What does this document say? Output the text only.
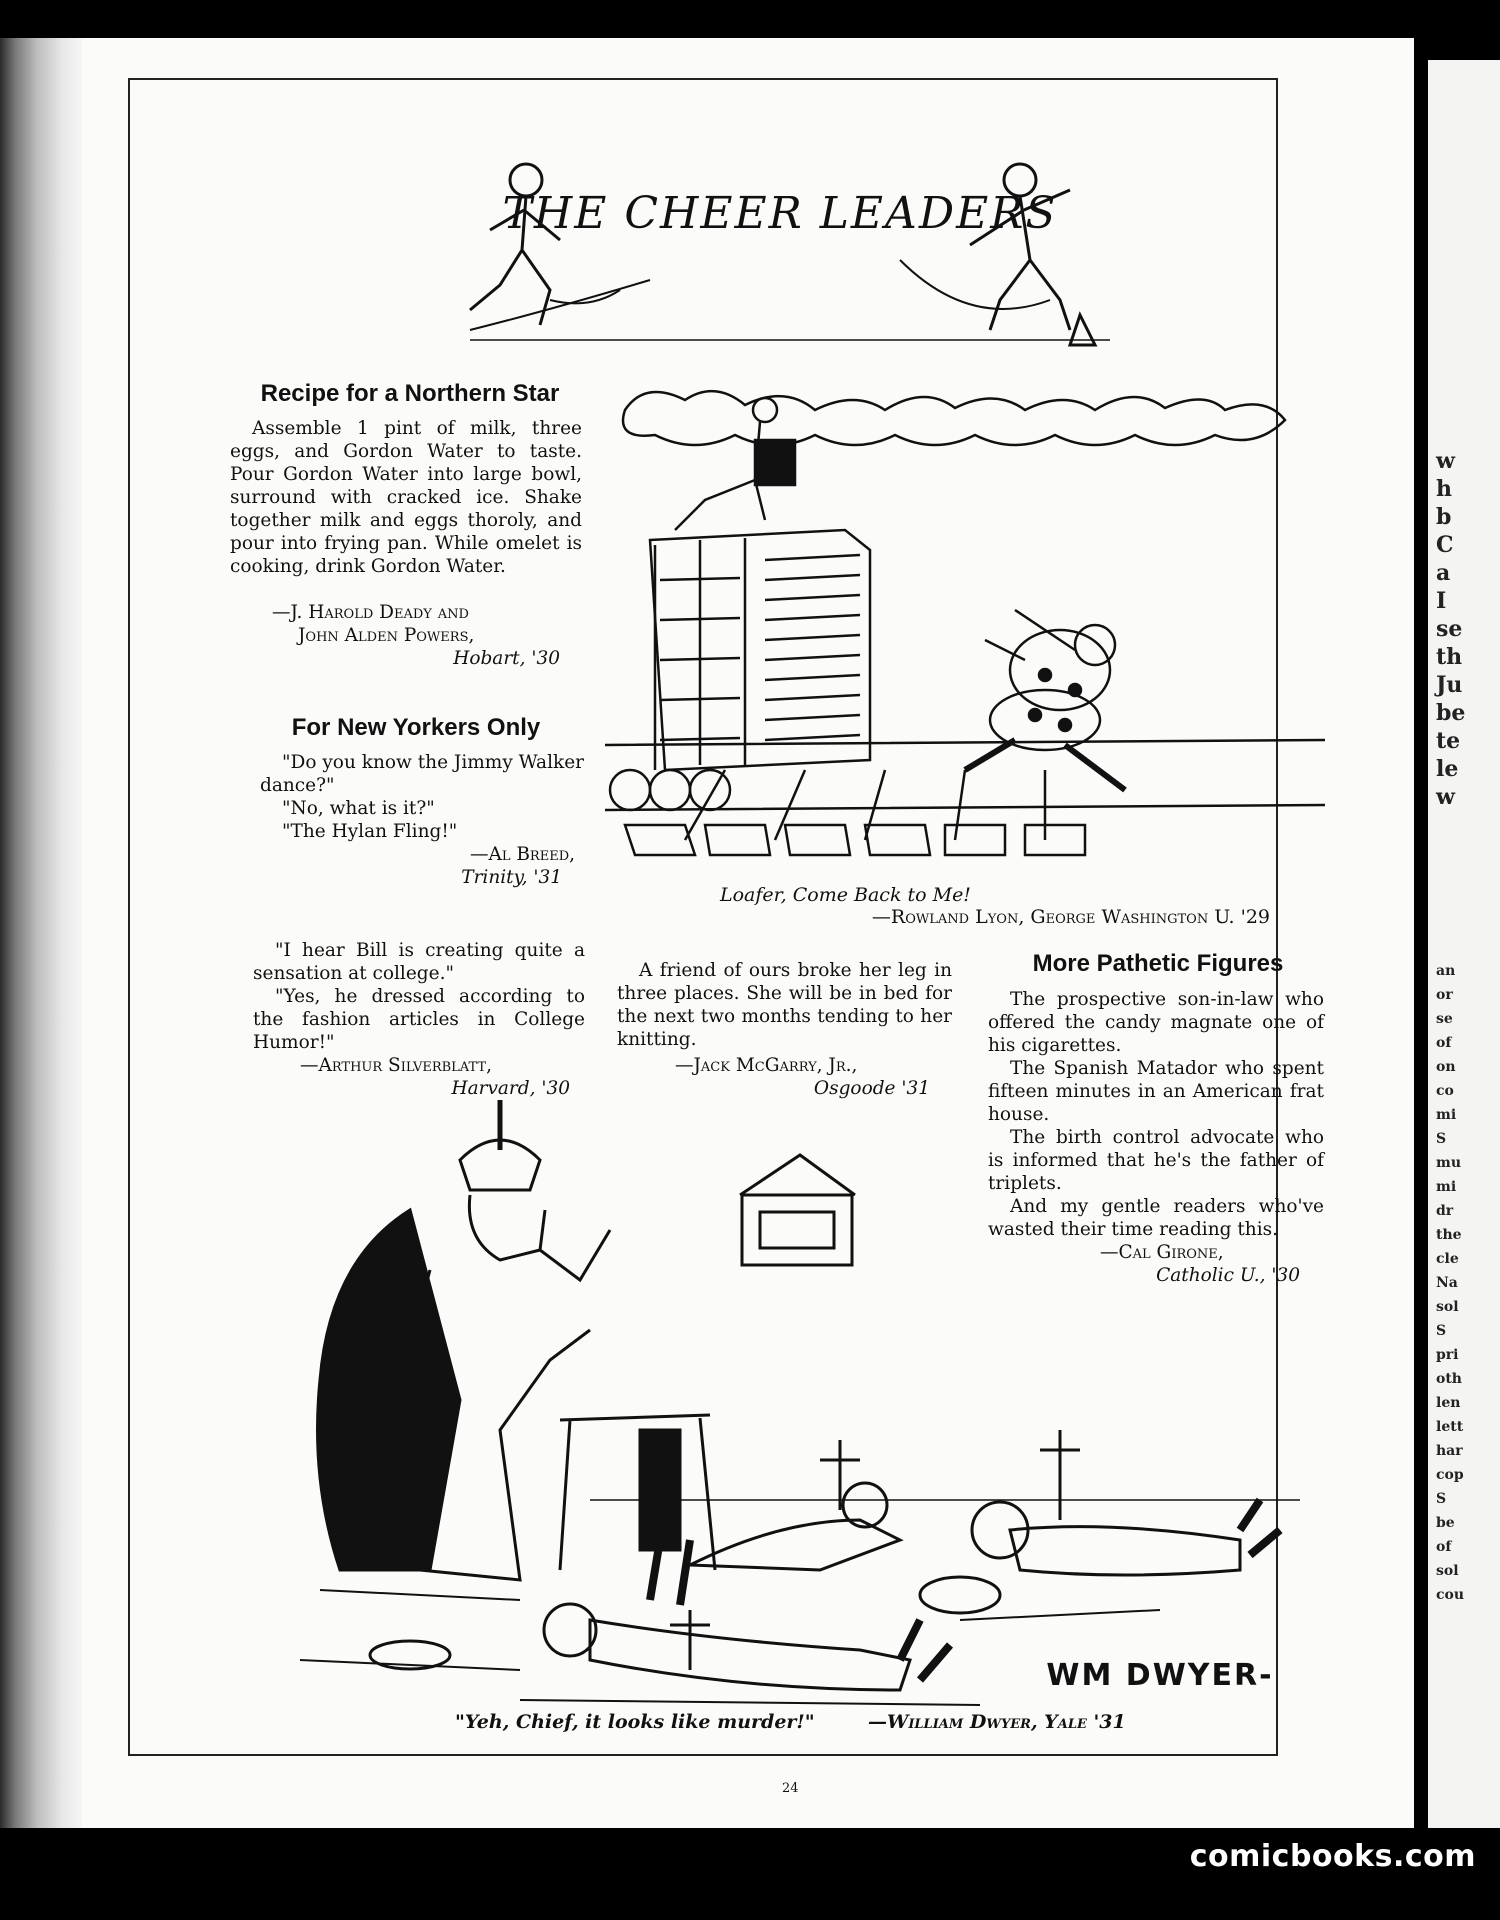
w
h
b
C
a
I
se
th
Ju
be
te
le
w
an
or
se
of
on
co
mi
S
mu
mi
dr
the
cle
Na
sol
S
pri
oth
len
lett
har
cop
S
be
of
sol
cou
THE CHEER LEADERS
Recipe for a Northern Star
Assemble 1 pint of milk, three eggs, and Gordon Water to taste. Pour Gordon Water into large bowl, surround with cracked ice. Shake together milk and eggs thoroly, and pour into frying pan. While omelet is cooking, drink Gordon Water.
—J. Harold Deady and
John Alden Powers,
Hobart, '30
For New Yorkers Only
"Do you know the Jimmy Walker dance?"
"No, what is it?"
"The Hylan Fling!"
—Al Breed,
Trinity, '31
Loafer, Come Back to Me!
—Rowland Lyon, George Washington U. '29
"I hear Bill is creating quite a sensation at college."
"Yes, he dressed according to the fashion articles in College Humor!"
—Arthur Silverblatt,
Harvard, '30
A friend of ours broke her leg in three places. She will be in bed for the next two months tending to her knitting.
—Jack McGarry, Jr.,
Osgoode '31
More Pathetic Figures
The prospective son-in-law who offered the candy magnate one of his cigarettes.
The Spanish Matador who spent fifteen minutes in an American frat house.
The birth control advocate who is informed that he's the father of triplets.
And my gentle readers who've wasted their time reading this.
—Cal Girone,
Catholic U., '30
WM DWYER-
"Yeh, Chief, it looks like murder!"	—William Dwyer, Yale '31
24
comicbooks.com
